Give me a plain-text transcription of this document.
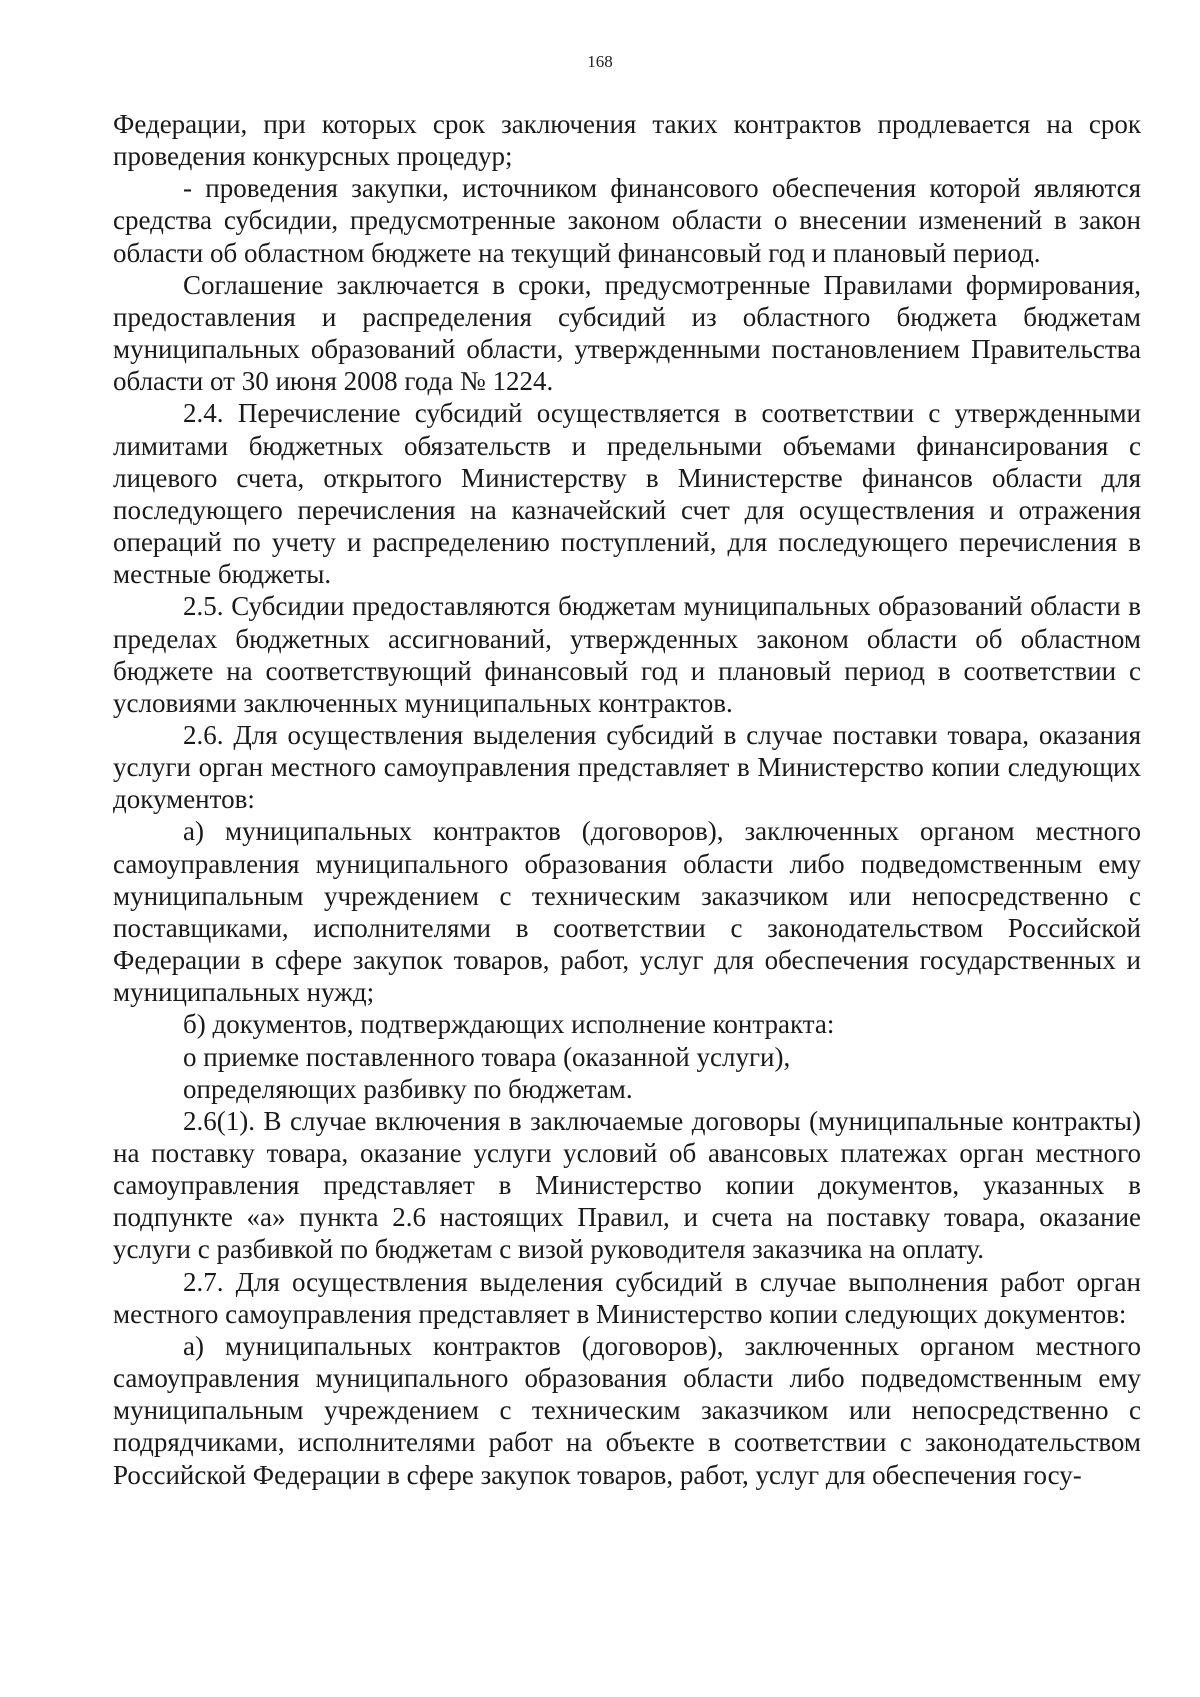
168

Федерации, при которых срок заключения таких контрактов продлевается на срок проведения конкурсных процедур;

- проведения закупки, источником финансового обеспечения которой являются средства субсидии, предусмотренные законом области о внесении изменений в закон области об областном бюджете на текущий финансовый год и плановый период.

Соглашение заключается в сроки, предусмотренные Правилами формирования, предоставления и распределения субсидий из областного бюджета бюджетам муниципальных образований области, утвержденными постановлением Правительства области от 30 июня 2008 года № 1224.

2.4. Перечисление субсидий осуществляется в соответствии с утвержденными лимитами бюджетных обязательств и предельными объемами финансирования с лицевого счета, открытого Министерству в Министерстве финансов области для последующего перечисления на казначейский счет для осуществления и отражения операций по учету и распределению поступлений, для последующего перечисления в местные бюджеты.

2.5. Субсидии предоставляются бюджетам муниципальных образований области в пределах бюджетных ассигнований, утвержденных законом области об областном бюджете на соответствующий финансовый год и плановый период в соответствии с условиями заключенных муниципальных контрактов.

2.6. Для осуществления выделения субсидий в случае поставки товара, оказания услуги орган местного самоуправления представляет в Министерство копии следующих документов:

а) муниципальных контрактов (договоров), заключенных органом местного самоуправления муниципального образования области либо подведомственным ему муниципальным учреждением с техническим заказчиком или непосредственно с поставщиками, исполнителями в соответствии с законодательством Российской Федерации в сфере закупок товаров, работ, услуг для обеспечения государственных и муниципальных нужд;

б) документов, подтверждающих исполнение контракта:

о приемке поставленного товара (оказанной услуги),

определяющих разбивку по бюджетам.

2.6(1). В случае включения в заключаемые договоры (муниципальные контракты) на поставку товара, оказание услуги условий об авансовых платежах орган местного самоуправления представляет в Министерство копии документов, указанных в подпункте «а» пункта 2.6 настоящих Правил, и счета на поставку товара, оказание услуги с разбивкой по бюджетам с визой руководителя заказчика на оплату.

2.7. Для осуществления выделения субсидий в случае выполнения работ орган местного самоуправления представляет в Министерство копии следующих документов:

а) муниципальных контрактов (договоров), заключенных органом местного самоуправления муниципального образования области либо подведомственным ему муниципальным учреждением с техническим заказчиком или непосредственно с подрядчиками, исполнителями работ на объекте в соответствии с законодательством Российской Федерации в сфере закупок товаров, работ, услуг для обеспечения госу-
